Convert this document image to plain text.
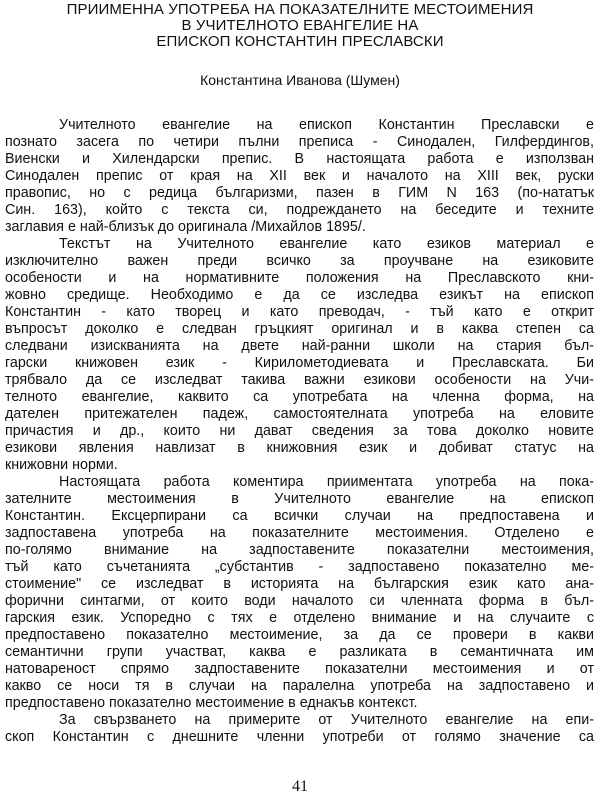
ПРИИМЕННА УПОТРЕБА НА ПОКАЗАТЕЛНИТЕ МЕСТОИМЕНИЯ
В УЧИТЕЛНОТО ЕВАНГЕЛИЕ НА
ЕПИСКОП КОНСТАНТИН ПРЕСЛАВСКИ
Константина Иванова (Шумен)
Учителното евангелие на епископ Константин Преславски е
познато засега по четири пълни преписа - Синодален, Гилфердингов,
Виенски и Хилендарски препис. В настоящата работа е използван
Синодален препис от края на XII век и началото на XIII век, руски
правопис, но с редица българизми, пазен в ГИМ N 163 (по-нататък
Син. 163), който с текста си, подреждането на беседите и техните
заглавия е най-близък до оригинала /Михайлов 1895/.
Текстът на Учителното евангелие като езиков материал е
изключително важен преди всичко за проучване на езиковите
особености и на нормативните положения на Преславското кни-
жовно средище. Необходимо е да се изследва езикът на епископ
Константин - като творец и като преводач, - тъй като е открит
въпросът доколко е следван гръцкият оригинал и в каква степен са
следвани изискванията на двете най-ранни школи на стария бъл-
гарски книжовен език - Кирилометодиевата и Преславската. Би
трябвало да се изследват такива важни езикови особености на Учи-
телното евангелие, каквито са употребата на членна форма, на
дателен притежателен падеж, самостоятелната употреба на еловите
причастия и др., които ни дават сведения за това доколко новите
езикови явления навлизат в книжовния език и добиват статус на
книжовни норми.
Настоящата работа коментира прииментата употреба на пока-
зателните местоимения в Учителното евангелие на епископ
Константин. Ексцерпирани са всички случаи на предпоставена и
задпоставена употреба на показателните местоимения. Отделено е
по-голямо внимание на задпоставените показателни местоимения,
тъй като съчетанията „субстантив - задпоставено показателно ме-
стоимение" се изследват в историята на българския език като ана-
форични синтагми, от които води началото си членната форма в бъл-
гарския език. Успоредно с тях е отделено внимание и на случаите с
предпоставено показателно местоимение, за да се провери в какви
семантични групи участват, каква е разликата в семантичната им
натовареност спрямо задпоставените показателни местоимения и от
какво се носи тя в случаи на паралелна употреба на задпоставено и
предпоставено показателно местоимение в еднакъв контекст.
За свързването на примерите от Учителното евангелие на епи-
скоп Константин с днешните членни употреби от голямо значение са
41
